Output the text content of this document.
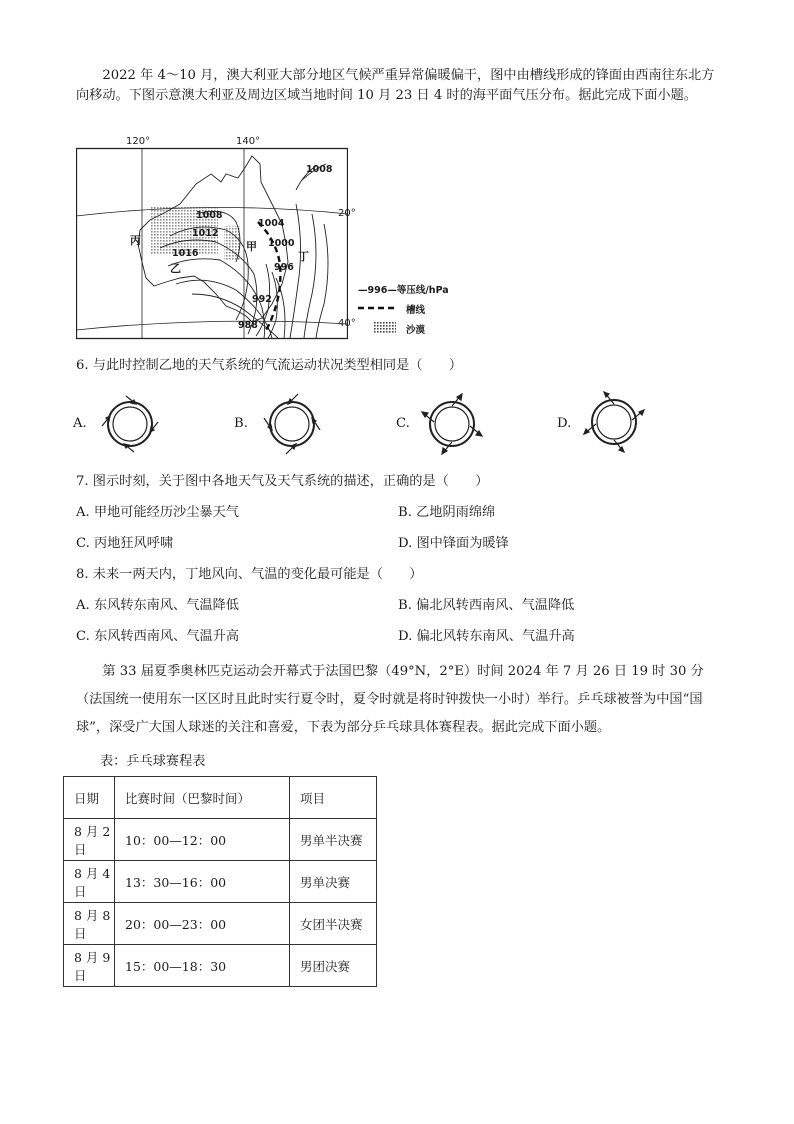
2022 年 4～10 月，澳大利亚大部分地区气候严重异常偏暖偏干，图中由槽线形成的锋面由西南往东北方向移动。下图示意澳大利亚及周边区域当地时间 10 月 23 日 4 时的海平面气压分布。据此完成下面小题。
120°	140°
20°
40°
1008
1008
1004
1012
1000
1016
996
992
988
丙
乙
甲
丁
—996—等压线/hPa
槽线
沙漠
6. 与此时控制乙地的天气系统的气流运动状况类型相同是（　　）
A.	B.	C.	D.
7. 图示时刻，关于图中各地天气及天气系统的描述，正确的是（　　）
A. 甲地可能经历沙尘暴天气	B. 乙地阴雨绵绵
C. 丙地狂风呼啸	D. 图中锋面为暖锋
8. 未来一两天内，丁地风向、气温的变化最可能是（　　）
A. 东风转东南风、气温降低	B. 偏北风转西南风、气温降低
C. 东风转西南风、气温升高	D. 偏北风转东南风、气温升高
第 33 届夏季奥林匹克运动会开幕式于法国巴黎（49°N，2°E）时间 2024 年 7 月 26 日 19 时 30 分（法国统一使用东一区区时且此时实行夏令时，夏令时就是将时钟拨快一小时）举行。乒乓球被誉为中国“国球”，深受广大国人球迷的关注和喜爱，下表为部分乒乓球具体赛程表。据此完成下面小题。
表：乒乓球赛程表
日期	比赛时间（巴黎时间）	项目
8 月 2 日	10：00—12：00	男单半决赛
8 月 4 日	13：30—16：00	男单决赛
8 月 8 日	20：00—23：00	女团半决赛
8 月 9 日	15：00—18：30	男团决赛
